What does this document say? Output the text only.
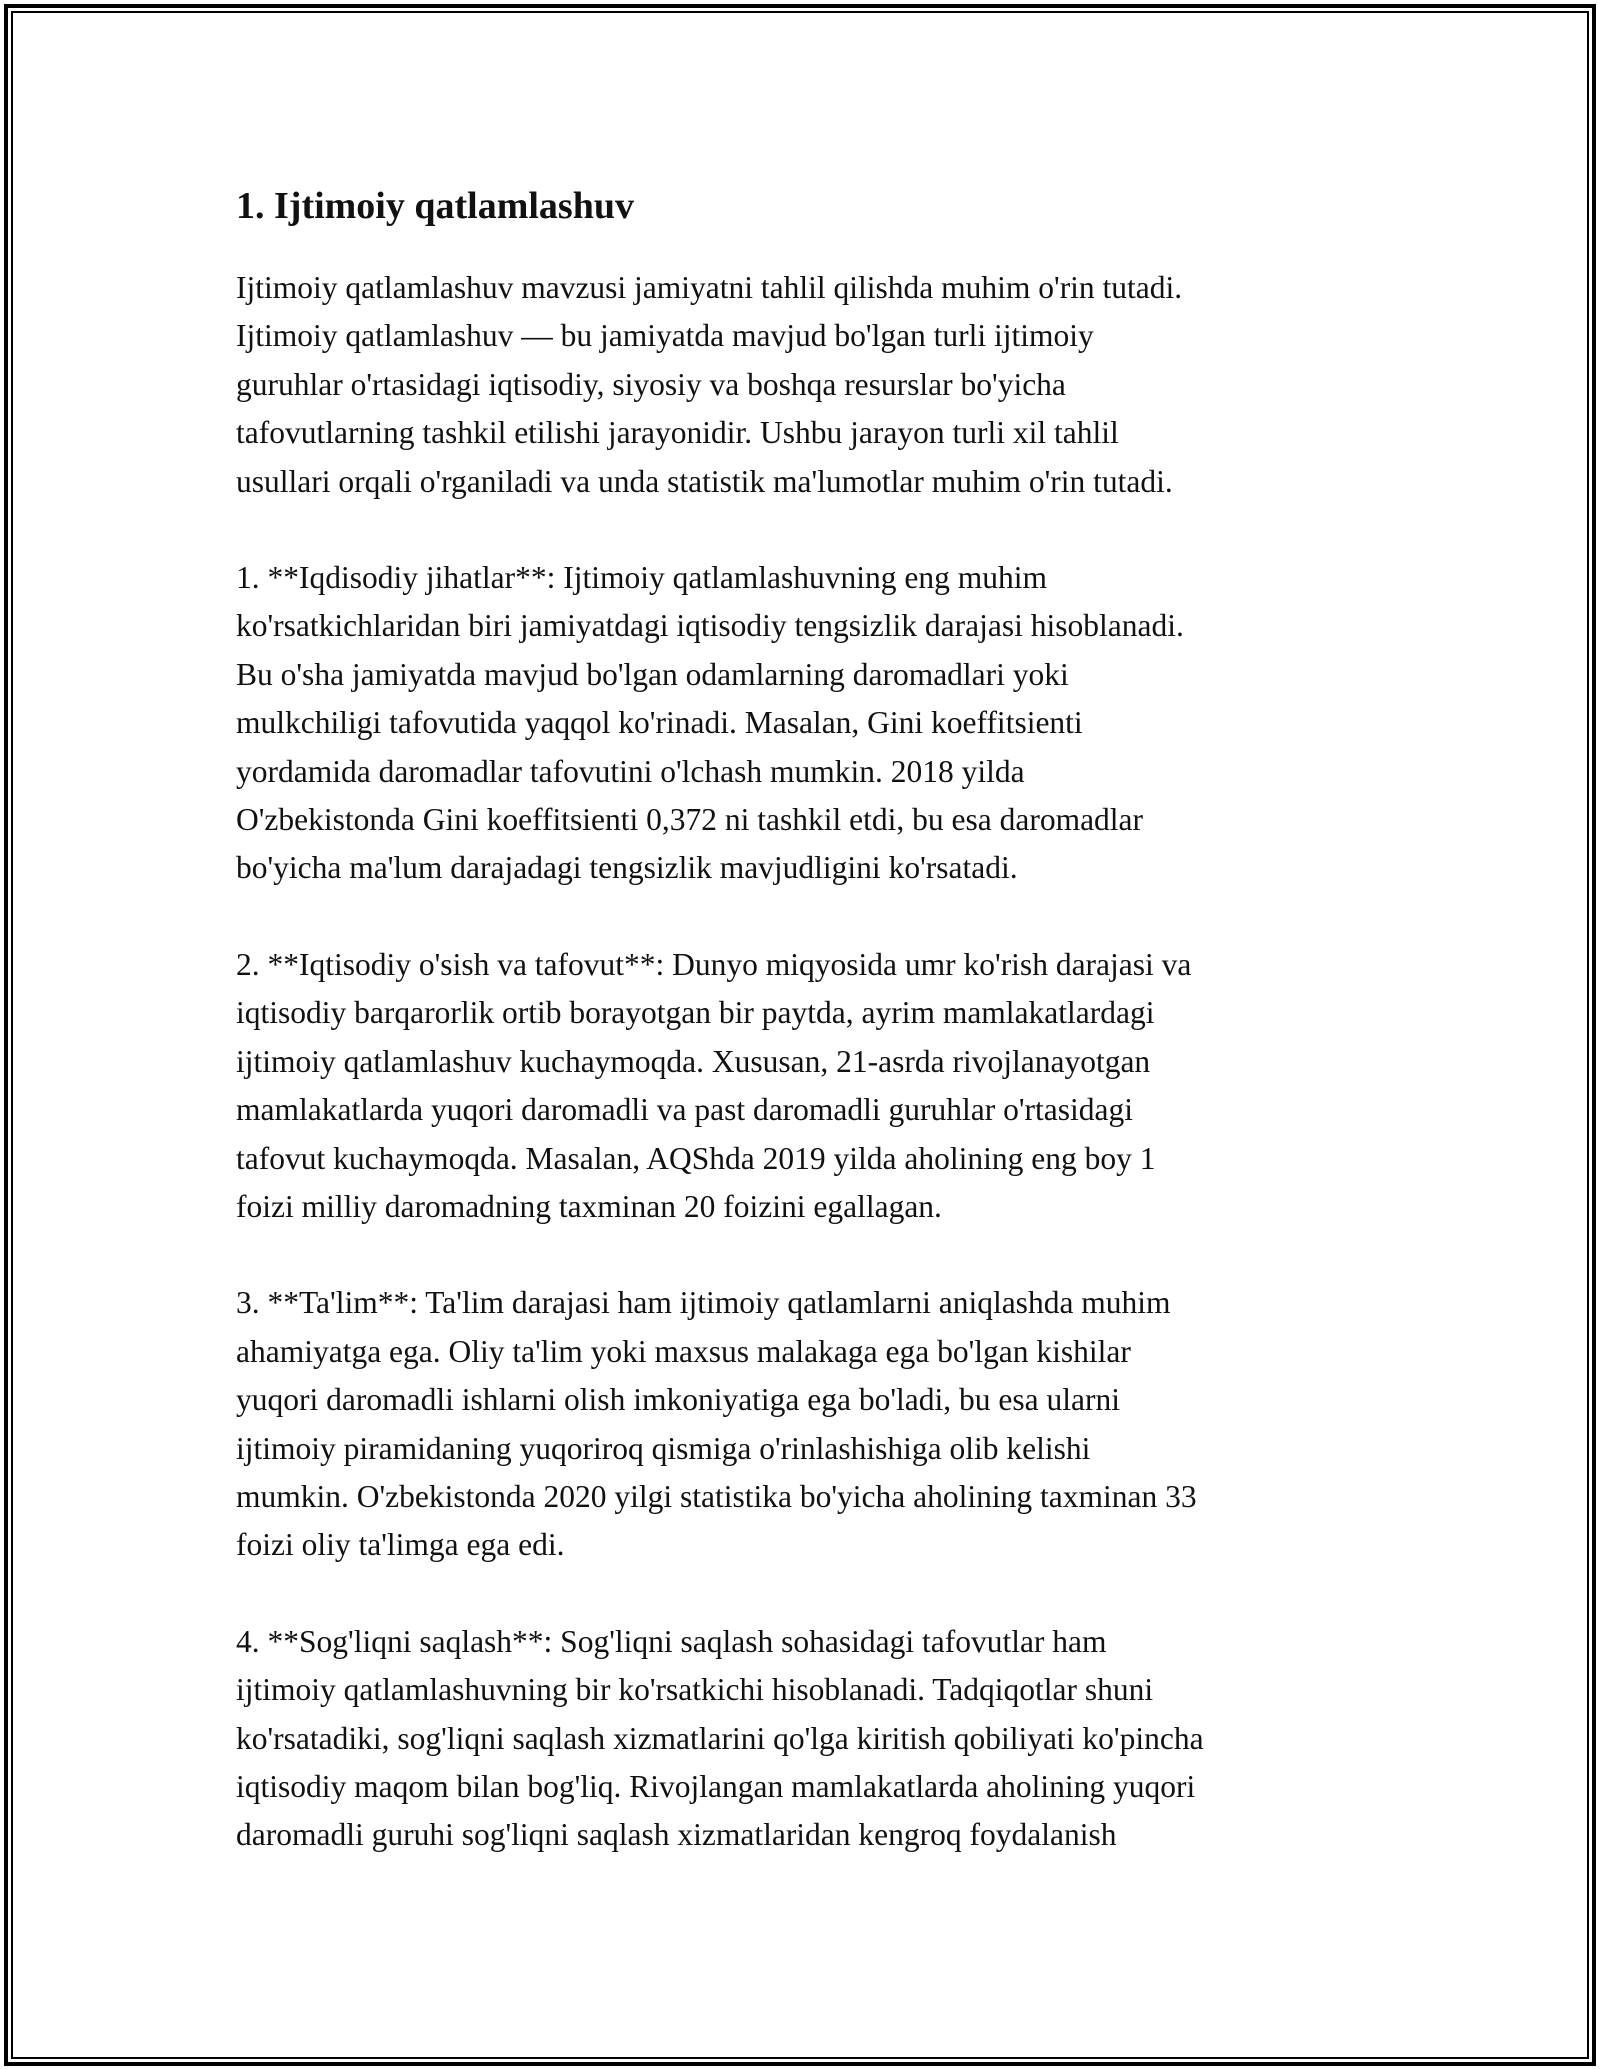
1. Ijtimoiy qatlamlashuv

Ijtimoiy qatlamlashuv mavzusi jamiyatni tahlil qilishda muhim o'rin tutadi.
Ijtimoiy qatlamlashuv — bu jamiyatda mavjud bo'lgan turli ijtimoiy
guruhlar o'rtasidagi iqtisodiy, siyosiy va boshqa resurslar bo'yicha
tafovutlarning tashkil etilishi jarayonidir. Ushbu jarayon turli xil tahlil
usullari orqali o'rganiladi va unda statistik ma'lumotlar muhim o'rin tutadi.

1. **Iqdisodiy jihatlar**: Ijtimoiy qatlamlashuvning eng muhim
ko'rsatkichlaridan biri jamiyatdagi iqtisodiy tengsizlik darajasi hisoblanadi.
Bu o'sha jamiyatda mavjud bo'lgan odamlarning daromadlari yoki
mulkchiligi tafovutida yaqqol ko'rinadi. Masalan, Gini koeffitsienti
yordamida daromadlar tafovutini o'lchash mumkin. 2018 yilda
O'zbekistonda Gini koeffitsienti 0,372 ni tashkil etdi, bu esa daromadlar
bo'yicha ma'lum darajadagi tengsizlik mavjudligini ko'rsatadi.

2. **Iqtisodiy o'sish va tafovut**: Dunyo miqyosida umr ko'rish darajasi va
iqtisodiy barqarorlik ortib borayotgan bir paytda, ayrim mamlakatlardagi
ijtimoiy qatlamlashuv kuchaymoqda. Xususan, 21-asrda rivojlanayotgan
mamlakatlarda yuqori daromadli va past daromadli guruhlar o'rtasidagi
tafovut kuchaymoqda. Masalan, AQShda 2019 yilda aholining eng boy 1
foizi milliy daromadning taxminan 20 foizini egallagan.

3. **Ta'lim**: Ta'lim darajasi ham ijtimoiy qatlamlarni aniqlashda muhim
ahamiyatga ega. Oliy ta'lim yoki maxsus malakaga ega bo'lgan kishilar
yuqori daromadli ishlarni olish imkoniyatiga ega bo'ladi, bu esa ularni
ijtimoiy piramidaning yuqoriroq qismiga o'rinlashishiga olib kelishi
mumkin. O'zbekistonda 2020 yilgi statistika bo'yicha aholining taxminan 33
foizi oliy ta'limga ega edi.

4. **Sog'liqni saqlash**: Sog'liqni saqlash sohasidagi tafovutlar ham
ijtimoiy qatlamlashuvning bir ko'rsatkichi hisoblanadi. Tadqiqotlar shuni
ko'rsatadiki, sog'liqni saqlash xizmatlarini qo'lga kiritish qobiliyati ko'pincha
iqtisodiy maqom bilan bog'liq. Rivojlangan mamlakatlarda aholining yuqori
daromadli guruhi sog'liqni saqlash xizmatlaridan kengroq foydalanish
